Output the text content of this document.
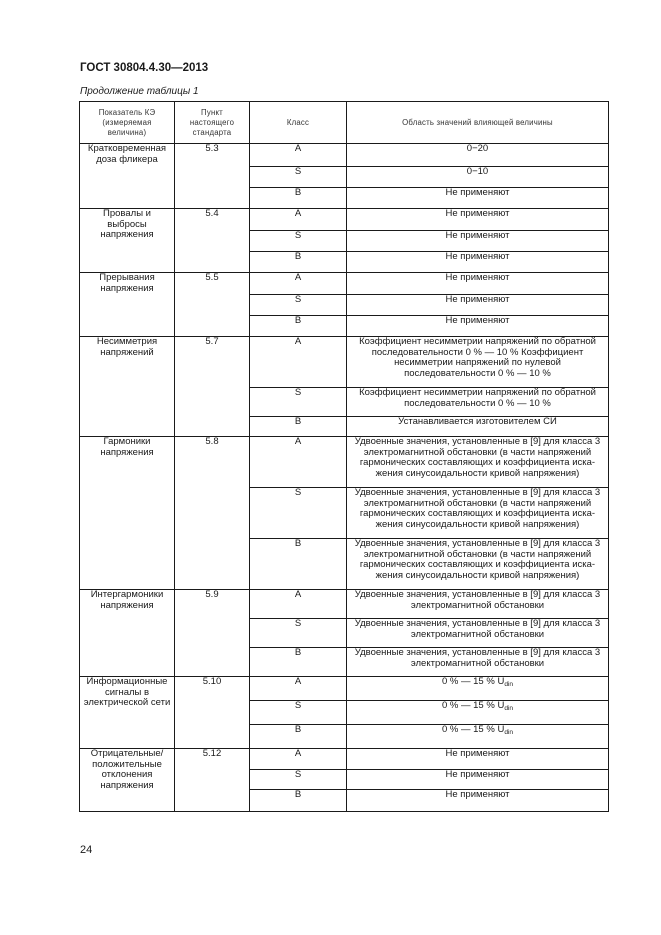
ГОСТ 30804.4.30—2013
Продолжение таблицы 1
Показатель КЭ (измеряемая величина)	Пункт настоящего стандарта	Класс	Область значений влияющей величины
Кратковременная доза фликера	5.3	A	0−20
		S	0−10
		B	Не применяют
Провалы и выбросы напряжения	5.4	A	Не применяют
		S	Не применяют
		B	Не применяют
Прерывания напряжения	5.5	A	Не применяют
		S	Не применяют
		B	Не применяют
Несимметрия напряжений	5.7	A	Коэффициент несимметрии напряжений по обратной последовательности 0 % — 10 % Коэффициент несимметрии напряжений по нулевой последовательности 0 % — 10 %
		S	Коэффициент несимметрии напряжений по обратной последовательности 0 % — 10 %
		B	Устанавливается изготовителем СИ
Гармоники напряжения	5.8	A	Удвоенные значения, установленные в [9] для класса 3 электромагнитной обстановки (в части напряжений гармонических составляющих и коэффициента искажения синусоидальности кривой напряжения)
		S	Удвоенные значения, установленные в [9] для класса 3 электромагнитной обстановки (в части напряжений гармонических составляющих и коэффициента искажения синусоидальности кривой напряжения)
		B	Удвоенные значения, установленные в [9] для класса 3 электромагнитной обстановки (в части напряжений гармонических составляющих и коэффициента искажения синусоидальности кривой напряжения)
Интергармоники напряжения	5.9	A	Удвоенные значения, установленные в [9] для класса 3 электромагнитной обстановки
		S	Удвоенные значения, установленные в [9] для класса 3 электромагнитной обстановки
		B	Удвоенные значения, установленные в [9] для класса 3 электромагнитной обстановки
Информационные сигналы в электрической сети	5.10	A	0 % — 15 % $U_{din}$
		S	0 % — 15 % $U_{din}$
		B	0 % — 15 % $U_{din}$
Отрицательные/ положительные отклонения напряжения	5.12	A	Не применяют
		S	Не применяют
		B	Не применяют
24
